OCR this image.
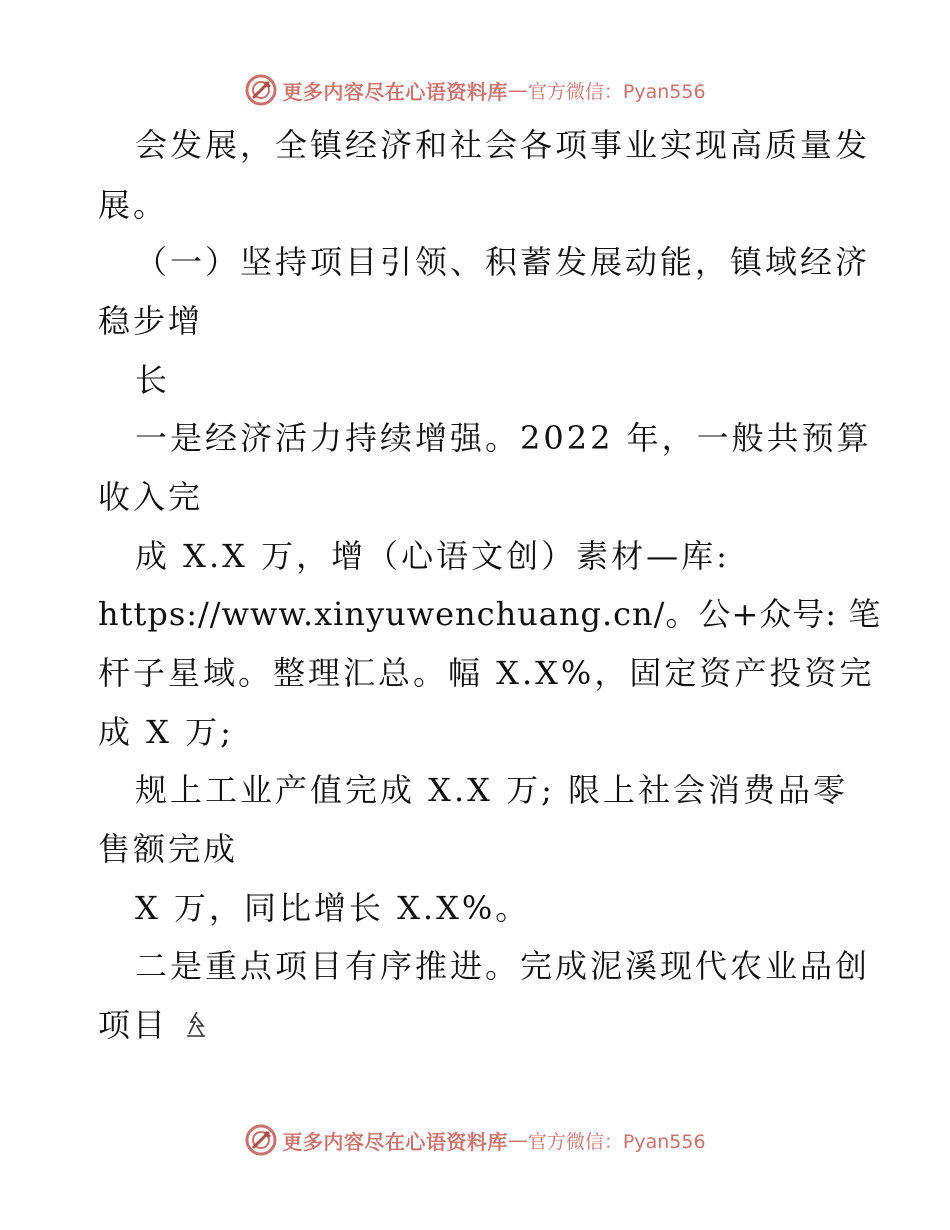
更多内容尽在心语资料库 — 官方微信：Pyan556
会发展，全镇经济和社会各项事业实现高质量发
展。
（一）坚持项目引领、积蓄发展动能，镇域经济
稳步增
长
一是经济活力持续增强。2022 年，一般共预算
收入完
成 X.X 万，增（心语文创）素材—库:
https://www.xinyuwenchuang.cn/。公+众号: 笔
杆子星域。整理汇总。幅 X.X%，固定资产投资完
成 X 万;
规上工业产值完成 X.X 万; 限上社会消费品零
售额完成
X 万，同比增长 X.X%。
二是重点项目有序推进。完成泥溪现代农业品创
项目
更多内容尽在心语资料库 — 官方微信：Pyan556
